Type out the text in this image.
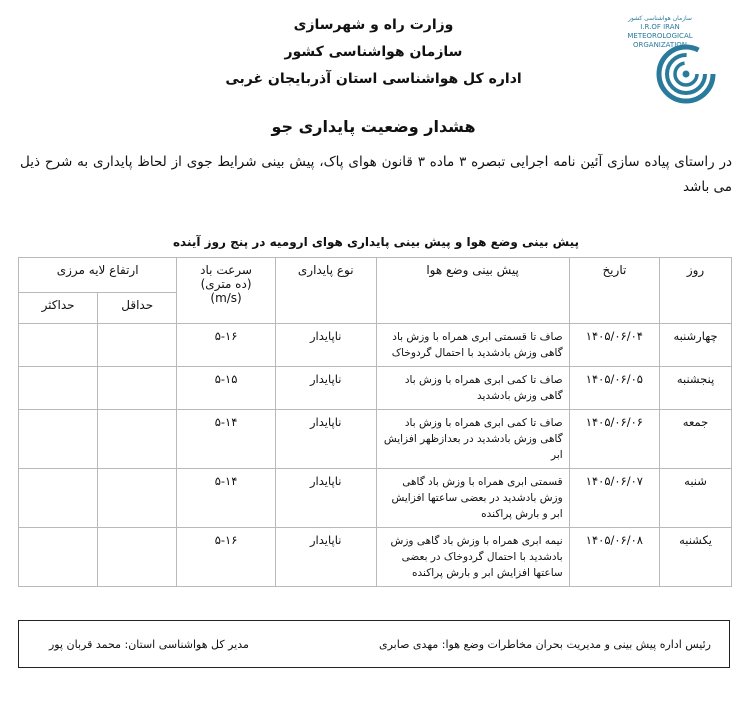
وزارت راه و شهرسازی
سازمان هواشناسی کشور
اداره کل هواشناسی استان آذربایجان غربی
سازمان هواشناسی کشور
I.R.OF IRAN
METEOROLOGICAL
ORGANIZATION
هشدار وضعیت پایداری جو
در راستای پیاده سازی آئین نامه اجرایی تبصره ۳ ماده ۳ قانون هوای پاک، پیش بینی شرایط جوی از لحاظ پایداری به شرح ذیل می باشد
پیش بینی وضع هوا و پیش بینی پایداری هوای ارومیه در پنج روز آینده
روز	تاریخ	پیش بینی وضع هوا	نوع پایداری	سرعت باد
(ده متری)
(m/s)	ارتفاع لایه مرزی	
					حداقل	حداکثر
چهارشنبه	۱۴۰۵/۰۶/۰۴	صاف تا قسمتی ابری همراه با وزش باد گاهی وزش بادشدید با احتمال گردوخاک	ناپایدار	۵-۱۶		
پنجشنبه	۱۴۰۵/۰۶/۰۵	صاف تا کمی ابری همراه با وزش باد گاهی وزش بادشدید	ناپایدار	۵-۱۵		
جمعه	۱۴۰۵/۰۶/۰۶	صاف تا کمی ابری همراه با وزش باد گاهی وزش بادشدید در بعدازظهر افزایش ابر	ناپایدار	۵-۱۴		
شنبه	۱۴۰۵/۰۶/۰۷	قسمتی ابری همراه با وزش باد گاهی وزش بادشدید در بعضی ساعتها افزایش ابر و بارش پراکنده	ناپایدار	۵-۱۴		
یکشنبه	۱۴۰۵/۰۶/۰۸	نیمه ابری همراه با وزش باد گاهی وزش بادشدید با احتمال گردوخاک در بعضی ساعتها افزایش ابر و بارش پراکنده	ناپایدار	۵-۱۶		
رئیس اداره پیش بینی و مدیریت بحران مخاطرات وضع هوا: مهدی صابری
مدیر کل هواشناسی استان: محمد قربان پور
